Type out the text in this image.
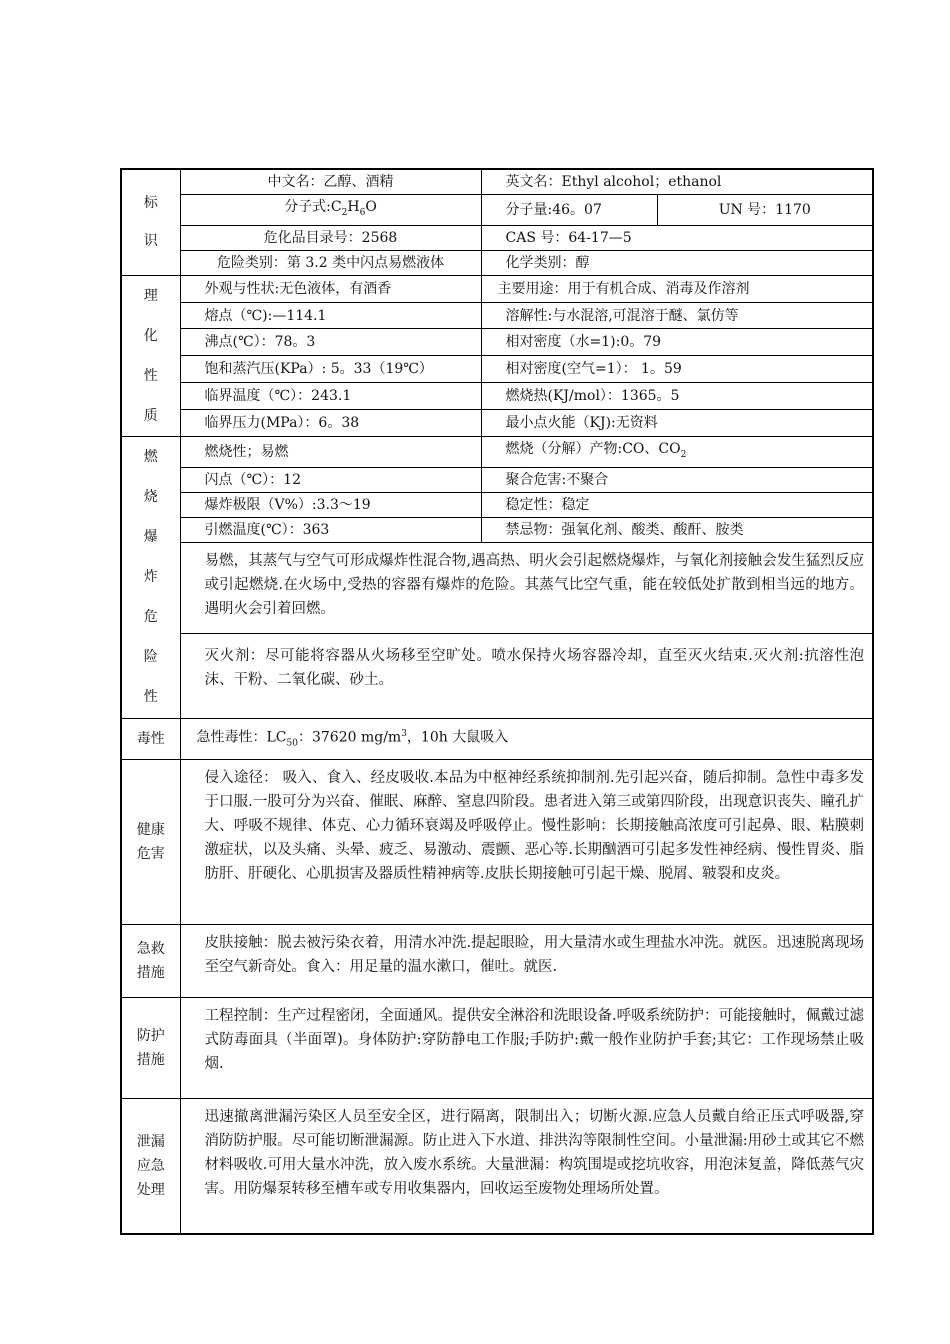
标识	中文名：乙醇、酒精	英文名：Ethyl alcohol；ethanol	
	分子式$:C_2H_6O$	分子量:46。07	UN 号：1170
	危化品目录号：2568	CAS 号：64-17—5	
	危险类别：第 3.2 类中闪点易燃液体	化学类别：醇	

理化性质	外观与性状:无色液体，有酒香	主要用途：用于有机合成、消毒及作溶剂	
	熔点（℃):—114.1	溶解性:与水混溶,可混溶于醚、氯仿等	
	沸点(℃）：78。3	相对密度（水=1):0。79	
	饱和蒸汽压(KPa）: 5。33（19℃）	相对密度(空气=1）： 1。59	
	临界温度（℃）：243.1	燃烧热(KJ/mol）：1365。5	
	临界压力(MPa）：6。38	最小点火能（KJ):无资料	

燃烧爆炸危险性	燃烧性；易燃	燃烧（分解）产物:CO、$CO_2$
	闪点（℃）：12	聚合危害:不聚合	
	爆炸极限（V%）:3.3～19	稳定性：稳定	
	引燃温度(℃）：363	禁忌物：强氧化剂、酸类、酸酐、胺类	
	易燃，其蒸气与空气可形成爆炸性混合物,遇高热、明火会引起燃烧爆炸，与氧化剂接触会发生猛烈反应或引起燃烧.在火场中,受热的容器有爆炸的危险。其蒸气比空气重，能在较低处扩散到相当远的地方。遇明火会引着回燃。		
	灭火剂：尽可能将容器从火场移至空旷处。喷水保持火场容器冷却，直至灭火结束.灭火剂:抗溶性泡沫、干粉、二氧化碳、砂土。		
毒性	急性毒性：$LC_{50}$：37620 $mg/m^3$，10h 大鼠吸入		

健康危害	侵入途径： 吸入、食入、经皮吸收.本品为中枢神经系统抑制剂.先引起兴奋，随后抑制。急性中毒多发于口服.一股可分为兴奋、催眠、麻醉、窒息四阶段。患者进入第三或第四阶段，出现意识丧失、瞳孔扩大、呼吸不规律、体克、心力循环衰竭及呼吸停止。慢性影响：长期接触高浓度可引起鼻、眼、粘膜刺激症状，以及头痛、头晕、疲乏、易激动、震颤、恶心等.长期酗酒可引起多发性神经病、慢性胃炎、脂肪肝、肝硬化、心肌损害及器质性精神病等.皮肤长期接触可引起干燥、脱屑、皲裂和皮炎。		

急救措施	皮肤接触：脱去被污染衣着，用清水冲洗.提起眼睑，用大量清水或生理盐水冲洗。就医。迅速脱离现场至空气新奇处。食入：用足量的温水漱口，催吐。就医.		

防护措施	工程控制：生产过程密闭，全面通风。提供安全淋浴和洗眼设备.呼吸系统防护：可能接触时，佩戴过滤式防毒面具（半面罩)。身体防护:穿防静电工作服;手防护:戴一般作业防护手套;其它：工作现场禁止吸烟.		

泄漏应急处理	迅速撤离泄漏污染区人员至安全区，进行隔离，限制出入；切断火源.应急人员戴自给正压式呼吸器,穿消防防护服。尽可能切断泄漏源。防止进入下水道、排洪沟等限制性空间。小量泄漏:用砂土或其它不燃材料吸收.可用大量水冲洗，放入废水系统。大量泄漏：构筑围堤或挖坑收容，用泡沫复盖，降低蒸气灾害。用防爆泵转移至槽车或专用收集器内，回收运至废物处理场所处置。		
